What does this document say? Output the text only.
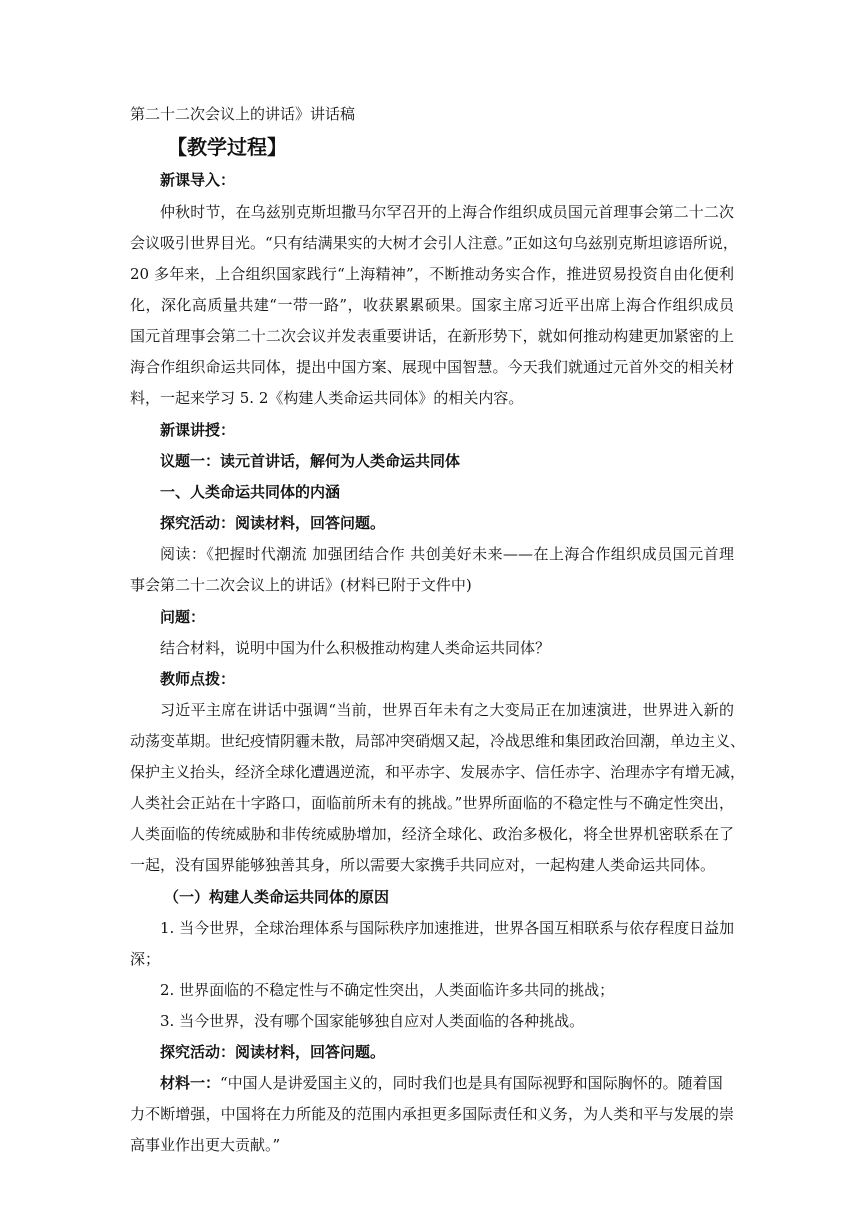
第二十二次会议上的讲话》讲话稿
【教学过程】
新课导入：
仲秋时节，在乌兹别克斯坦撒马尔罕召开的上海合作组织成员国元首理事会第二十二次
会议吸引世界目光。“只有结满果实的大树才会引人注意。”正如这句乌兹别克斯坦谚语所说，
20 多年来，上合组织国家践行“上海精神”，不断推动务实合作，推进贸易投资自由化便利
化，深化高质量共建“一带一路”，收获累累硕果。国家主席习近平出席上海合作组织成员
国元首理事会第二十二次会议并发表重要讲话，在新形势下，就如何推动构建更加紧密的上
海合作组织命运共同体，提出中国方案、展现中国智慧。今天我们就通过元首外交的相关材
料，一起来学习 5. 2《构建人类命运共同体》的相关内容。
新课讲授：
议题一：读元首讲话，解何为人类命运共同体
一、人类命运共同体的内涵
探究活动：阅读材料，回答问题。
阅读：《把握时代潮流 加强团结合作 共创美好未来——在上海合作组织成员国元首理
事会第二十二次会议上的讲话》(材料已附于文件中)
问题：
结合材料，说明中国为什么积极推动构建人类命运共同体？
教师点拨：
习近平主席在讲话中强调“当前，世界百年未有之大变局正在加速演进，世界进入新的
动荡变革期。世纪疫情阴霾未散，局部冲突硝烟又起，冷战思维和集团政治回潮，单边主义、
保护主义抬头，经济全球化遭遇逆流，和平赤字、发展赤字、信任赤字、治理赤字有增无减，
人类社会正站在十字路口，面临前所未有的挑战。”世界所面临的不稳定性与不确定性突出，
人类面临的传统威胁和非传统威胁增加，经济全球化、政治多极化，将全世界机密联系在了
一起，没有国界能够独善其身，所以需要大家携手共同应对，一起构建人类命运共同体。
（一）构建人类命运共同体的原因
1. 当今世界，全球治理体系与国际秩序加速推进，世界各国互相联系与依存程度日益加
深；
2. 世界面临的不稳定性与不确定性突出，人类面临许多共同的挑战；
3. 当今世界，没有哪个国家能够独自应对人类面临的各种挑战。
探究活动：阅读材料，回答问题。
材料一：“中国人是讲爱国主义的，同时我们也是具有国际视野和国际胸怀的。随着国
力不断增强，中国将在力所能及的范围内承担更多国际责任和义务，为人类和平与发展的崇
高事业作出更大贡献。”
